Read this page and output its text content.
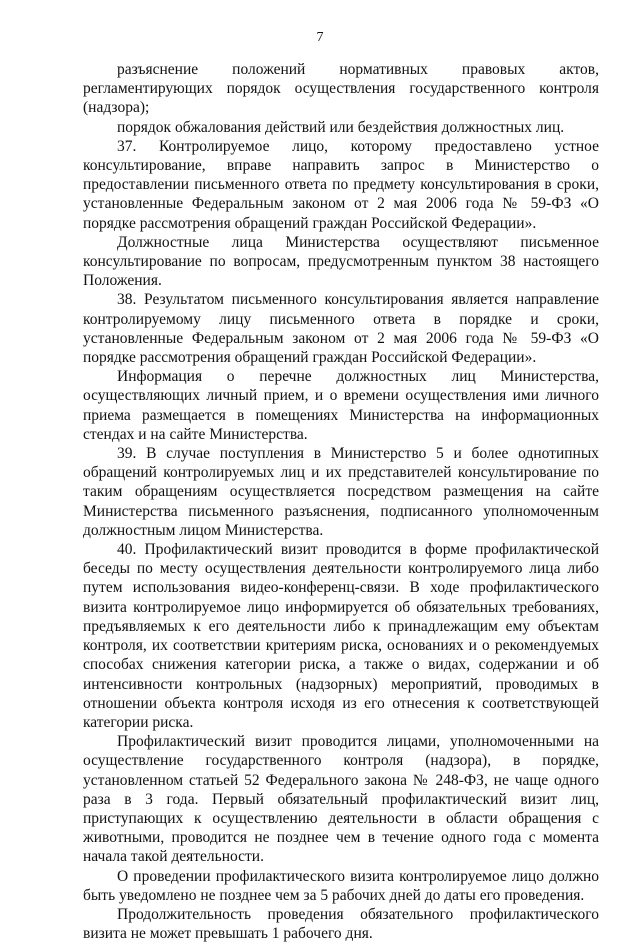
7

разъяснение положений нормативных правовых актов, регламентирующих порядок осуществления государственного контроля (надзора);

порядок обжалования действий или бездействия должностных лиц.

37. Контролируемое лицо, которому предоставлено устное консультирование, вправе направить запрос в Министерство о предоставлении письменного ответа по предмету консультирования в сроки, установленные Федеральным законом от 2 мая 2006 года № 59-ФЗ «О порядке рассмотрения обращений граждан Российской Федерации».

Должностные лица Министерства осуществляют письменное консультирование по вопросам, предусмотренным пунктом 38 настоящего Положения.

38. Результатом письменного консультирования является направление контролируемому лицу письменного ответа в порядке и сроки, установленные Федеральным законом от 2 мая 2006 года № 59-ФЗ «О порядке рассмотрения обращений граждан Российской Федерации».

Информация о перечне должностных лиц Министерства, осуществляющих личный прием, и о времени осуществления ими личного приема размещается в помещениях Министерства на информационных стендах и на сайте Министерства.

39. В случае поступления в Министерство 5 и более однотипных обращений контролируемых лиц и их представителей консультирование по таким обращениям осуществляется посредством размещения на сайте Министерства письменного разъяснения, подписанного уполномоченным должностным лицом Министерства.

40. Профилактический визит проводится в форме профилактической беседы по месту осуществления деятельности контролируемого лица либо путем использования видео-конференц-связи. В ходе профилактического визита контролируемое лицо информируется об обязательных требованиях, предъявляемых к его деятельности либо к принадлежащим ему объектам контроля, их соответствии критериям риска, основаниях и о рекомендуемых способах снижения категории риска, а также о видах, содержании и об интенсивности контрольных (надзорных) мероприятий, проводимых в отношении объекта контроля исходя из его отнесения к соответствующей категории риска.

Профилактический визит проводится лицами, уполномоченными на осуществление государственного контроля (надзора), в порядке, установленном статьей 52 Федерального закона № 248-ФЗ, не чаще одного раза в 3 года. Первый обязательный профилактический визит лиц, приступающих к осуществлению деятельности в области обращения с животными, проводится не позднее чем в течение одного года с момента начала такой деятельности.

О проведении профилактического визита контролируемое лицо должно быть уведомлено не позднее чем за 5 рабочих дней до даты его проведения.

Продолжительность проведения обязательного профилактического визита не может превышать 1 рабочего дня.
